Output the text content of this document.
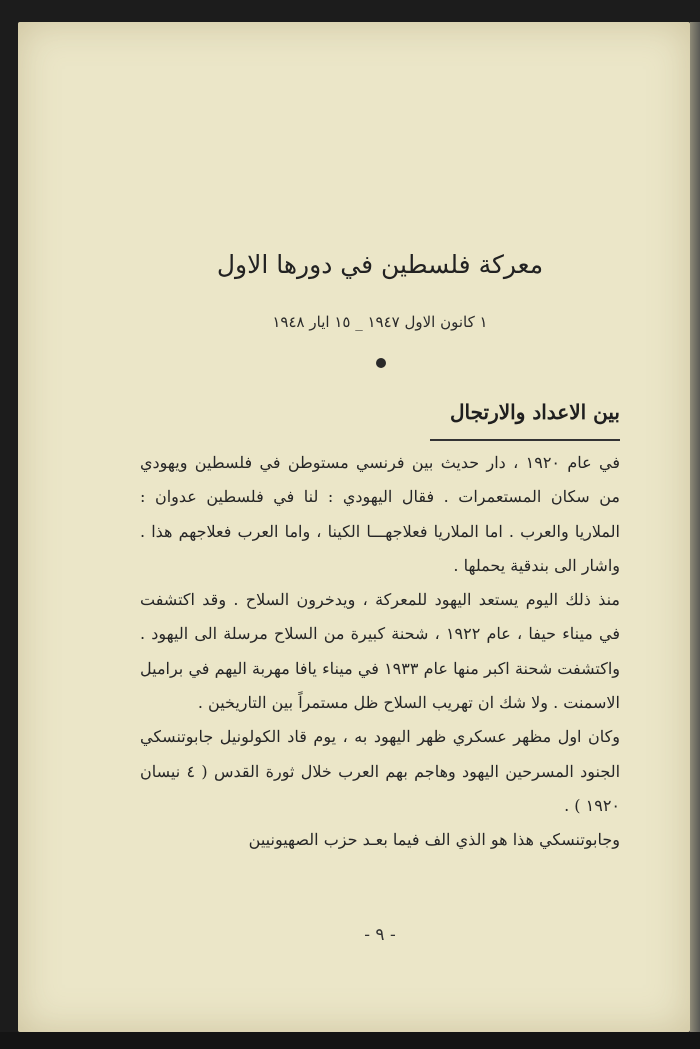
معركة فلسطين في دورها الاول
١ كانون الاول ١٩٤٧ _ ١٥ ايار ١٩٤٨
بين الاعداد والارتجال

في عام ١٩٢٠ ، دار حديث بين فرنسي مستوطن في فلسطين ويهودي من سكان المستعمرات . فقال اليهودي : لنا في فلسطين عدوان : الملاريا والعرب . اما الملاريا فعلاجهـــا الكينا ، واما العرب فعلاجهم هذا . واشار الى بندقية يحملها .

منذ ذلك اليوم يستعد اليهود للمعركة ، ويدخرون السلاح . وقد اكتشفت في ميناء حيفا ، عام ١٩٢٢ ، شحنة كبيرة من السلاح مرسلة الى اليهود . واكتشفت شحنة اكبر منها عام ١٩٣٣ في ميناء يافا مهربة اليهم في براميل الاسمنت . ولا شك ان تهريب السلاح ظل مستمراً بين التاريخين .

وكان اول مظهر عسكري ظهر اليهود به ، يوم قاد الكولونيل جابوتنسكي الجنود المسرحين اليهود وهاجم بهم العرب خلال ثورة القدس ( ٤ نيسان ١٩٢٠ ) .

وجابوتنسكي هذا هو الذي الف فيما بعـد حزب الصهيونيين

- ٩ -
